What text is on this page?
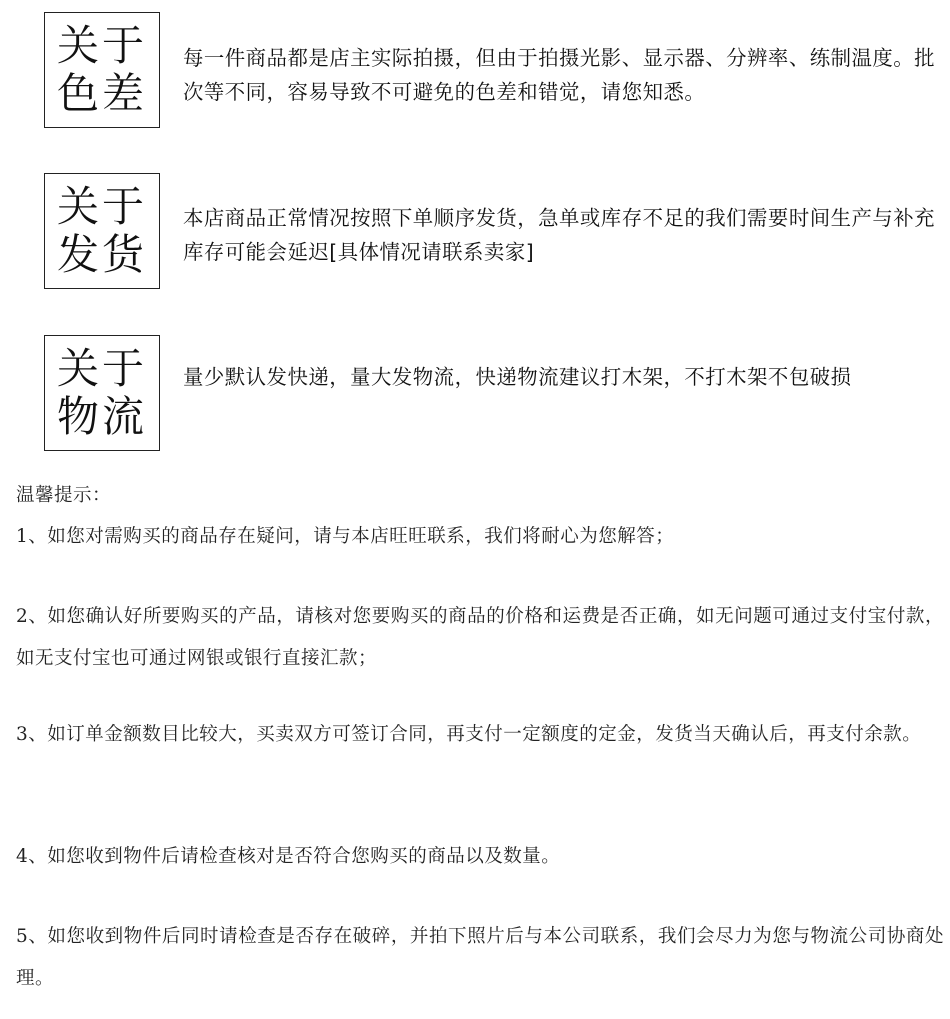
关于
色差
每一件商品都是店主实际拍摄，但由于拍摄光影、显示器、分辨率、练制温度。批次等不同，容易导致不可避免的色差和错觉，请您知悉。
关于
发货
本店商品正常情况按照下单顺序发货，急单或库存不足的我们需要时间生产与补充库存可能会延迟[具体情况请联系卖家]
关于
物流
量少默认发快递，量大发物流，快递物流建议打木架，不打木架不包破损
温馨提示：
1、如您对需购买的商品存在疑问，请与本店旺旺联系，我们将耐心为您解答；
2、如您确认好所要购买的产品，请核对您要购买的商品的价格和运费是否正确，如无问题可通过支付宝付款，如无支付宝也可通过网银或银行直接汇款；
3、如订单金额数目比较大，买卖双方可签订合同，再支付一定额度的定金，发货当天确认后，再支付余款。
4、如您收到物件后请检查核对是否符合您购买的商品以及数量。
5、如您收到物件后同时请检查是否存在破碎，并拍下照片后与本公司联系，我们会尽力为您与物流公司协商处理。
